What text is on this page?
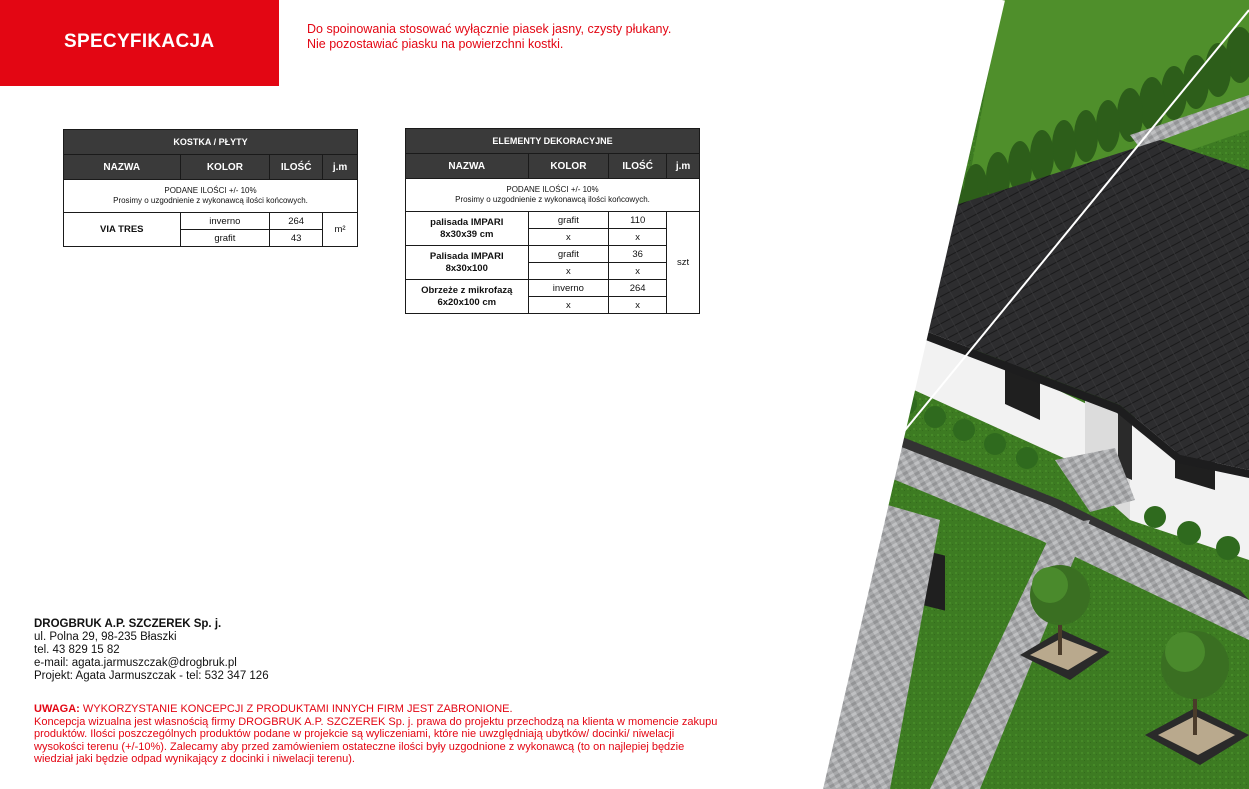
SPECYFIKACJA
Do spoinowania stosować wyłącznie piasek jasny, czysty płukany.
Nie pozostawiać piasku na powierzchni kostki.
KOSTKA / PŁYTY			
NAZWA	KOLOR	ILOŚĆ	j.m

PODANE ILOŚCI +/- 10%
Prosimy o uzgodnienie z wykonawcą ilości końcowych.			

VIA TRES	inverno	264	m²
	grafit	43	
ELEMENTY DEKORACYJNE			
NAZWA	KOLOR	ILOŚĆ	j.m

PODANE ILOŚCI +/- 10%
Prosimy o uzgodnienie z wykonawcą ilości końcowych.			

palisada IMPARI
8x30x39 cm	grafit	110	szt
	x	x	

Palisada IMPARI
8x30x100	grafit	36	
	x	x	

Obrzeże z mikrofazą
6x20x100 cm	inverno	264	
	x	x	
DROGBRUK A.P. SZCZEREK Sp. j.
ul. Polna 29, 98-235 Błaszki
tel. 43 829 15 82
e-mail: agata.jarmuszczak@drogbruk.pl
Projekt: Agata Jarmuszczak - tel: 532 347 126
UWAGA: WYKORZYSTANIE KONCEPCJI Z PRODUKTAMI INNYCH FIRM JEST ZABRONIONE.
Koncepcja wizualna jest własnością firmy DROGBRUK A.P. SZCZEREK Sp. j. prawa do projektu przechodzą na klienta w momencie zakupu produktów. Ilości poszczególnych produktów podane w projekcie są wyliczeniami, które nie uwzględniają ubytków/ docinki/ niwelacji wysokości terenu (+/-10%). Zalecamy aby przed zamówieniem ostateczne ilości były uzgodnione z wykonawcą (to on najlepiej będzie wiedział jaki będzie odpad wynikający z docinki i niwelacji terenu).
